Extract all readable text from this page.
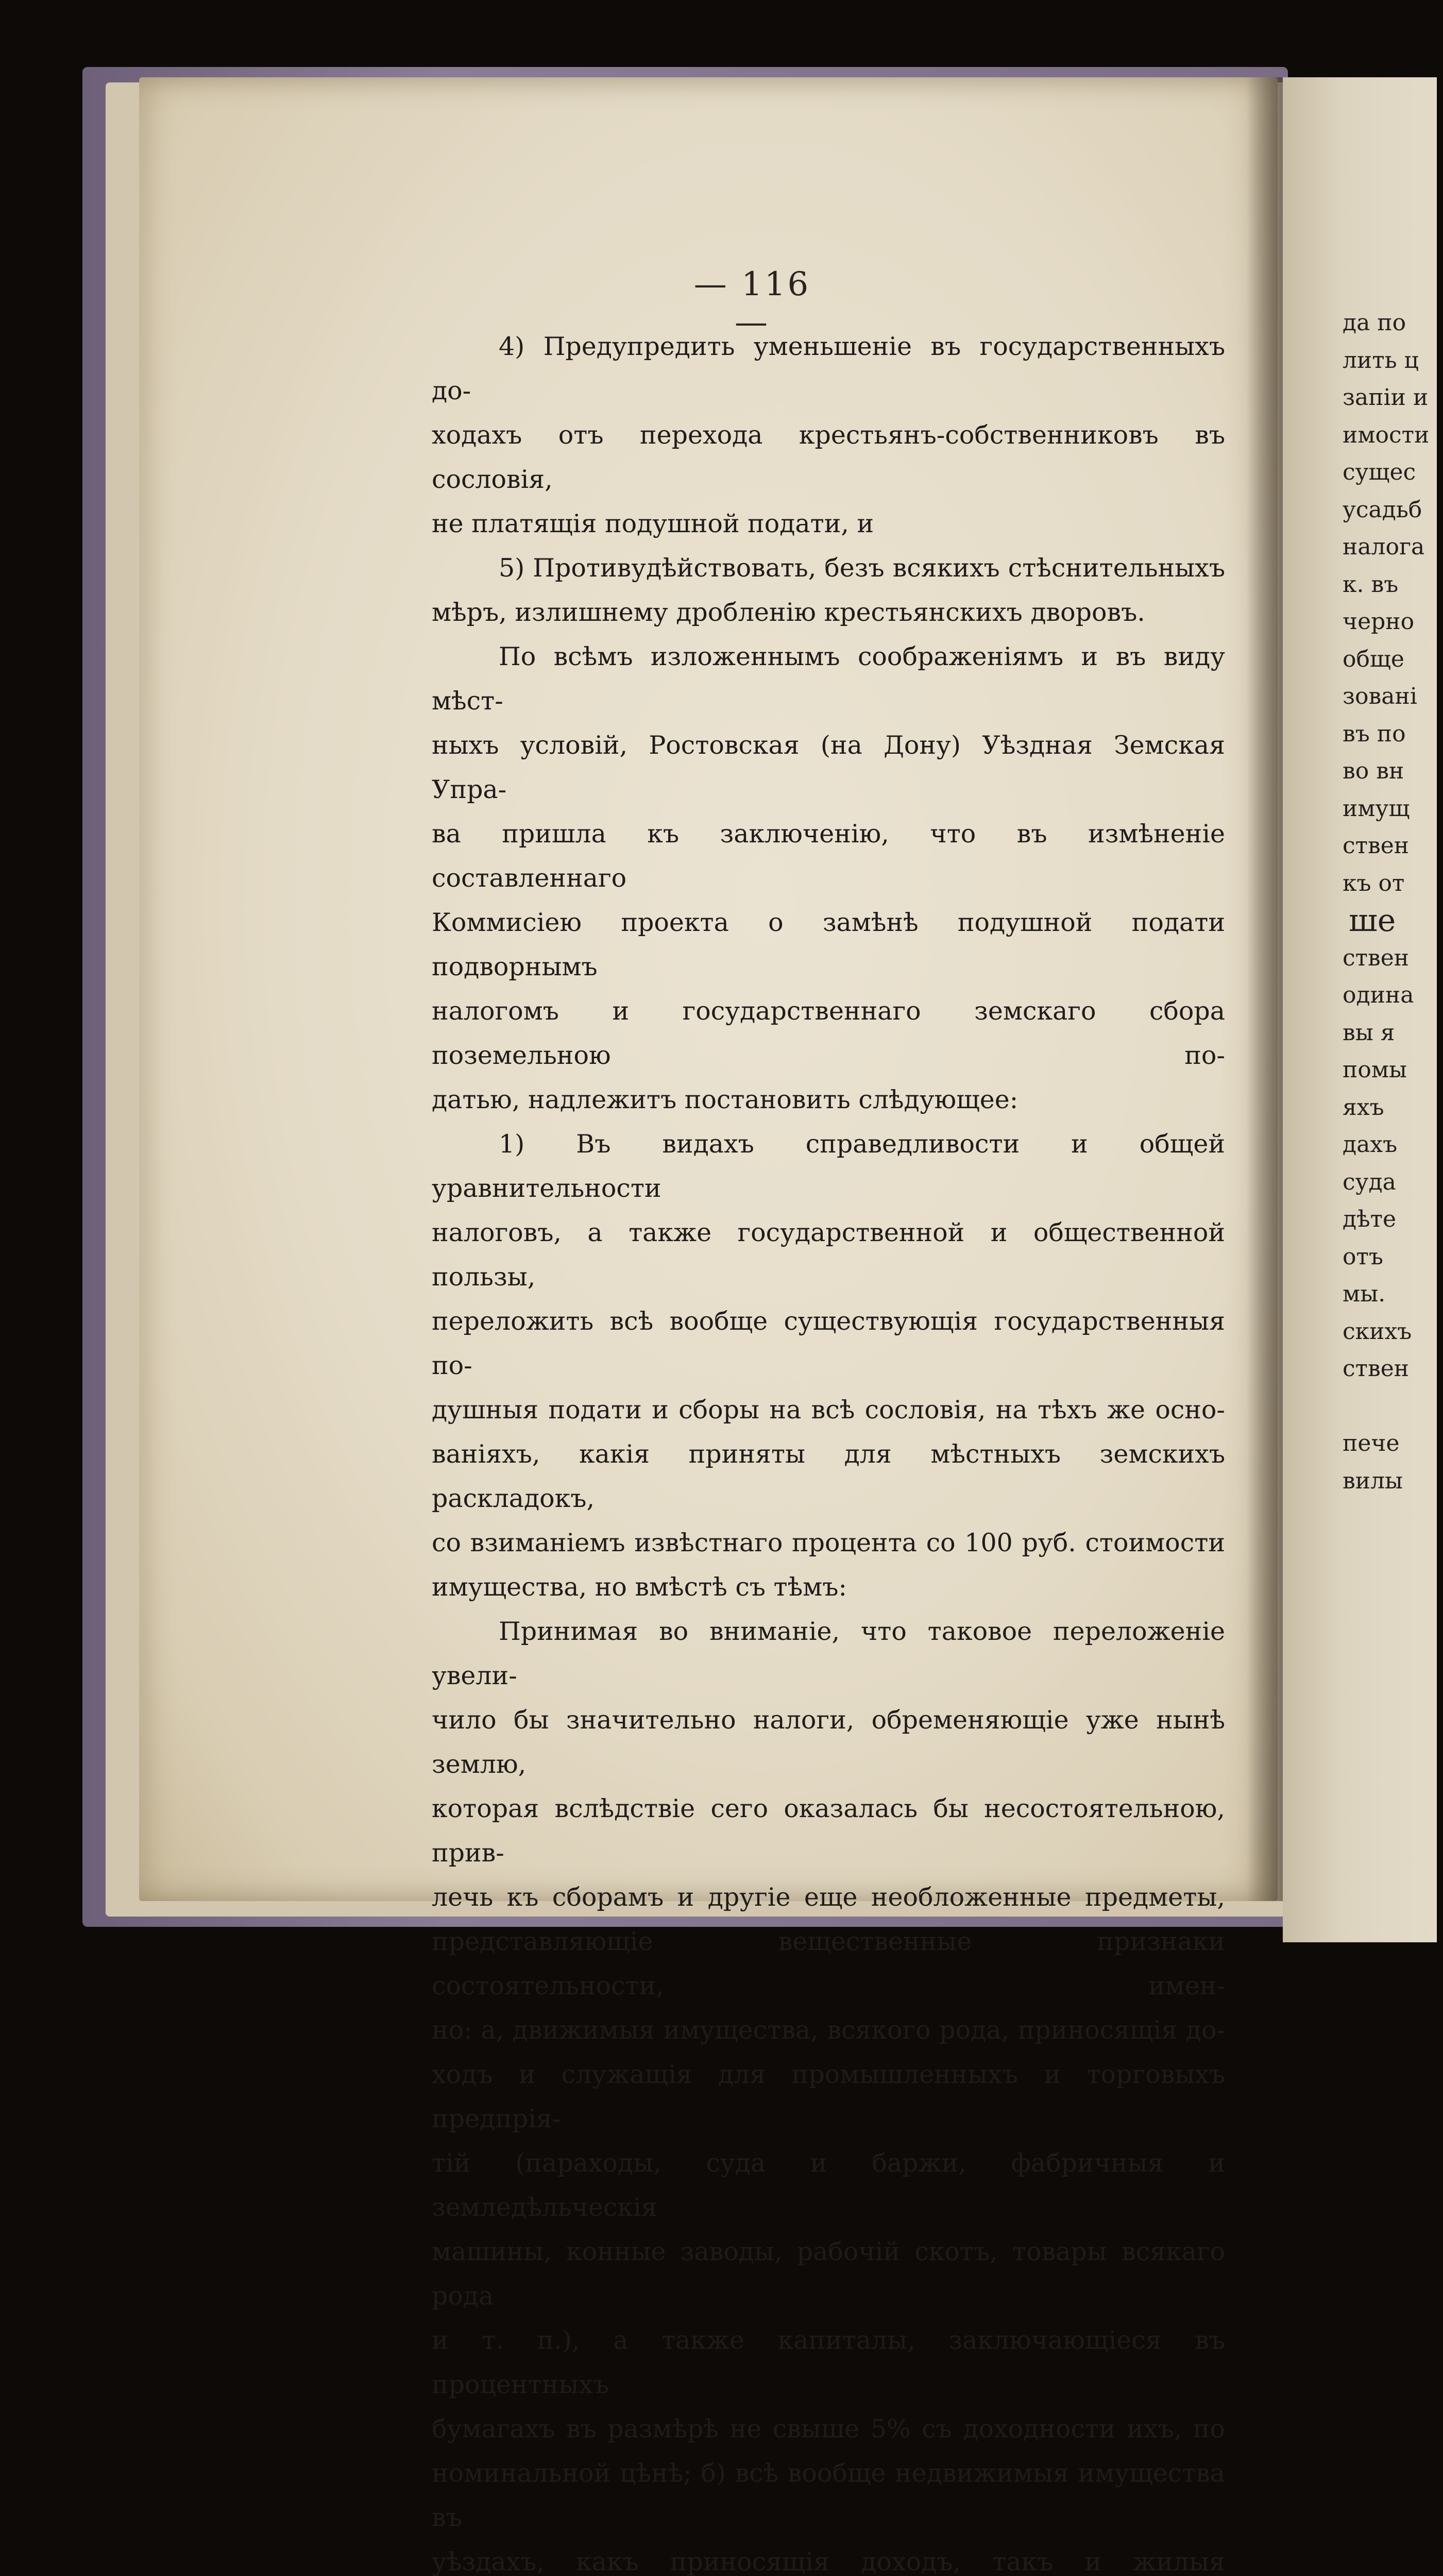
— 116 —

4) Предупредить уменьшеніе въ государственныхъ до-

ходахъ отъ перехода крестьянъ-собственниковъ въ сословія,

не платящія подушной подати, и

5) Противудѣйствовать, безъ всякихъ стѣснительныхъ

мѣръ, излишнему дробленію крестьянскихъ дворовъ.

По всѣмъ изложеннымъ соображеніямъ и въ виду мѣст-

ныхъ условій, Ростовская (на Дону) Уѣздная Земская Упра-

ва пришла къ заключенію, что въ измѣненіе составленнаго

Коммисіею проекта о замѣнѣ подушной подати подворнымъ

налогомъ и государственнаго земскаго сбора поземельною по-

датью, надлежитъ постановить слѣдующее:

1) Въ видахъ справедливости и общей уравнительности

налоговъ, а также государственной и общественной пользы,

переложить всѣ вообще существующія государственныя по-

душныя подати и сборы на всѣ сословія, на тѣхъ же осно-

ваніяхъ, какія приняты для мѣстныхъ земскихъ раскладокъ,

со взиманіемъ извѣстнаго процента со 100 руб. стоимости

имущества, но вмѣстѣ съ тѣмъ:

Принимая во вниманіе, что таковое переложеніе увели-

чило бы значительно налоги, обременяющіе уже нынѣ землю,

которая вслѣдствіе сего оказалась бы несостоятельною, прив-

лечь къ сборамъ и другіе еще необложенные предметы,

представляющіе вещественные признаки состоятельности, имен-

но: а, движимыя имущества, всякого рода, приносящія до-

ходъ и служащія для промышленныхъ и торговыхъ предпрія-

тій (параходы, суда и баржи, фабричныя и земледѣльческія

машины, конные заводы, рабочій скотъ, товары всякаго рода

и т. п.), а также капиталы, заключающіеся въ процентныхъ

бумагахъ въ размѣрѣ не свыше 5% съ доходности ихъ, по

номинальной цѣнѣ; б) всѣ вообще недвижимыя имущества въ

уѣздахъ, какъ приносящія доходъ, такъ и жилыя

да по
лить ц
запіи и
имости
сущес
усадьб
налога
к. въ
черно
обще
зовані
въ по
во вн
имущ
ствен
къ от
ше
ствен
одина
вы я
помы
яхъ
дахъ
суда
дѣте
отъ
мы.
скихъ
ствен
пече
вилы
